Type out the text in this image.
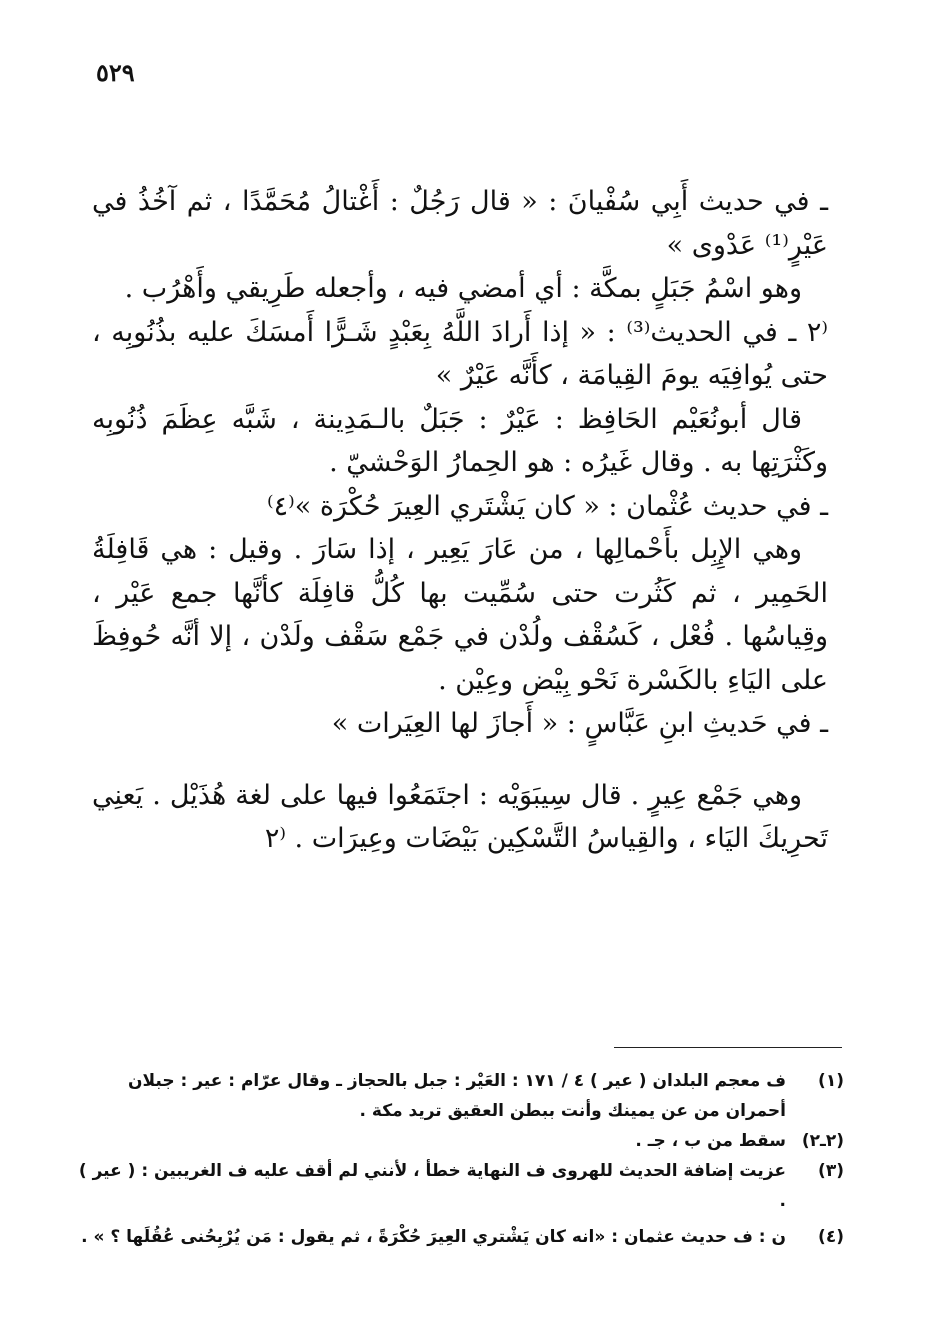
٥٢٩

ـ في حديث أَبِي سُفْيانَ : « قال رَجُلٌ : أَغْتالُ مُحَمَّدًا ، ثم آخُذُ في عَيْرٍ⁽¹⁾ عَدْوى »

وهو اسْمُ جَبَلٍ بمكَّة : أي أمضي فيه ، وأجعله طَرِيقي وأَهْرُب .

⁽٢ ـ في الحديث⁽³⁾ : « إذا أَرادَ اللَّهُ بِعَبْدٍ شَـرًّا أَمسَكَ عليه بذُنُوبِه ، حتى يُوافِيَه يومَ القِيامَة ، كأَنَّه عَيْرٌ »

قال أبونُعَيْم الحَافِظ : عَيْرٌ : جَبَلٌ بالـمَدِينة ، شَبَّه عِظَمَ ذُنُوبِه وكَثْرَتِها به . وقال غَيرُه : هو الحِمارُ الوَحْشيّ .

ـ في حديث عُثْمان : « كان يَشْتَري العِيرَ حُكْرَة »⁽٤⁾

وهي الإِبِل بأَحْمالِها ، من عَارَ يَعِير ، إذا سَارَ . وقيل : هي قَافِلَةُ الحَمِير ، ثم كَثُرت حتى سُمِّيت بها كُلُّ قافِلَة كأنَّها جمع عَيْر ، وقِياسُها . فُعْل ، كَسُقْف ولُدْن في جَمْع سَقْف ولَدْن ، إلا أنَّه حُوفِظَ على اليَاءِ بالكَسْرة نَحْو بِيْض وعِيْن .

ـ في حَديثِ ابنِ عَبَّاسٍ : « أَجازَ لها العِيَرات »

وهي جَمْع عِيرٍ . قال سِيبَوَيْه : اجتَمَعُوا فيها على لغة هُذَيْل . يَعنِي تَحرِيكَ اليَاء ، والقِياسُ التَّسْكِين بَيْضَات وعِيرَات . ⁽٢

(١)
ف معجم البلدان ( عير ) ٤ / ١٧١ : العَيْر : جبل بالحجاز ـ وقال عرّام : عير : جبلان أحمران من عن يمينك وأنت ببطن العقيق تريد مكة .
(٢ـ٢)
سقط من ب ، جـ .
(٣)
عزيت إضافة الحديث للهروى ف النهاية خطأ ، لأنني لم أقف عليه ف الغريبين : ( عير ) .
(٤)
ن : ف حديث عثمان : «انه كان يَشْتري العِيرَ حُكْرَةً ، ثم يقول : مَن يُرْبِحُنى عُقُلَها ؟ » .
